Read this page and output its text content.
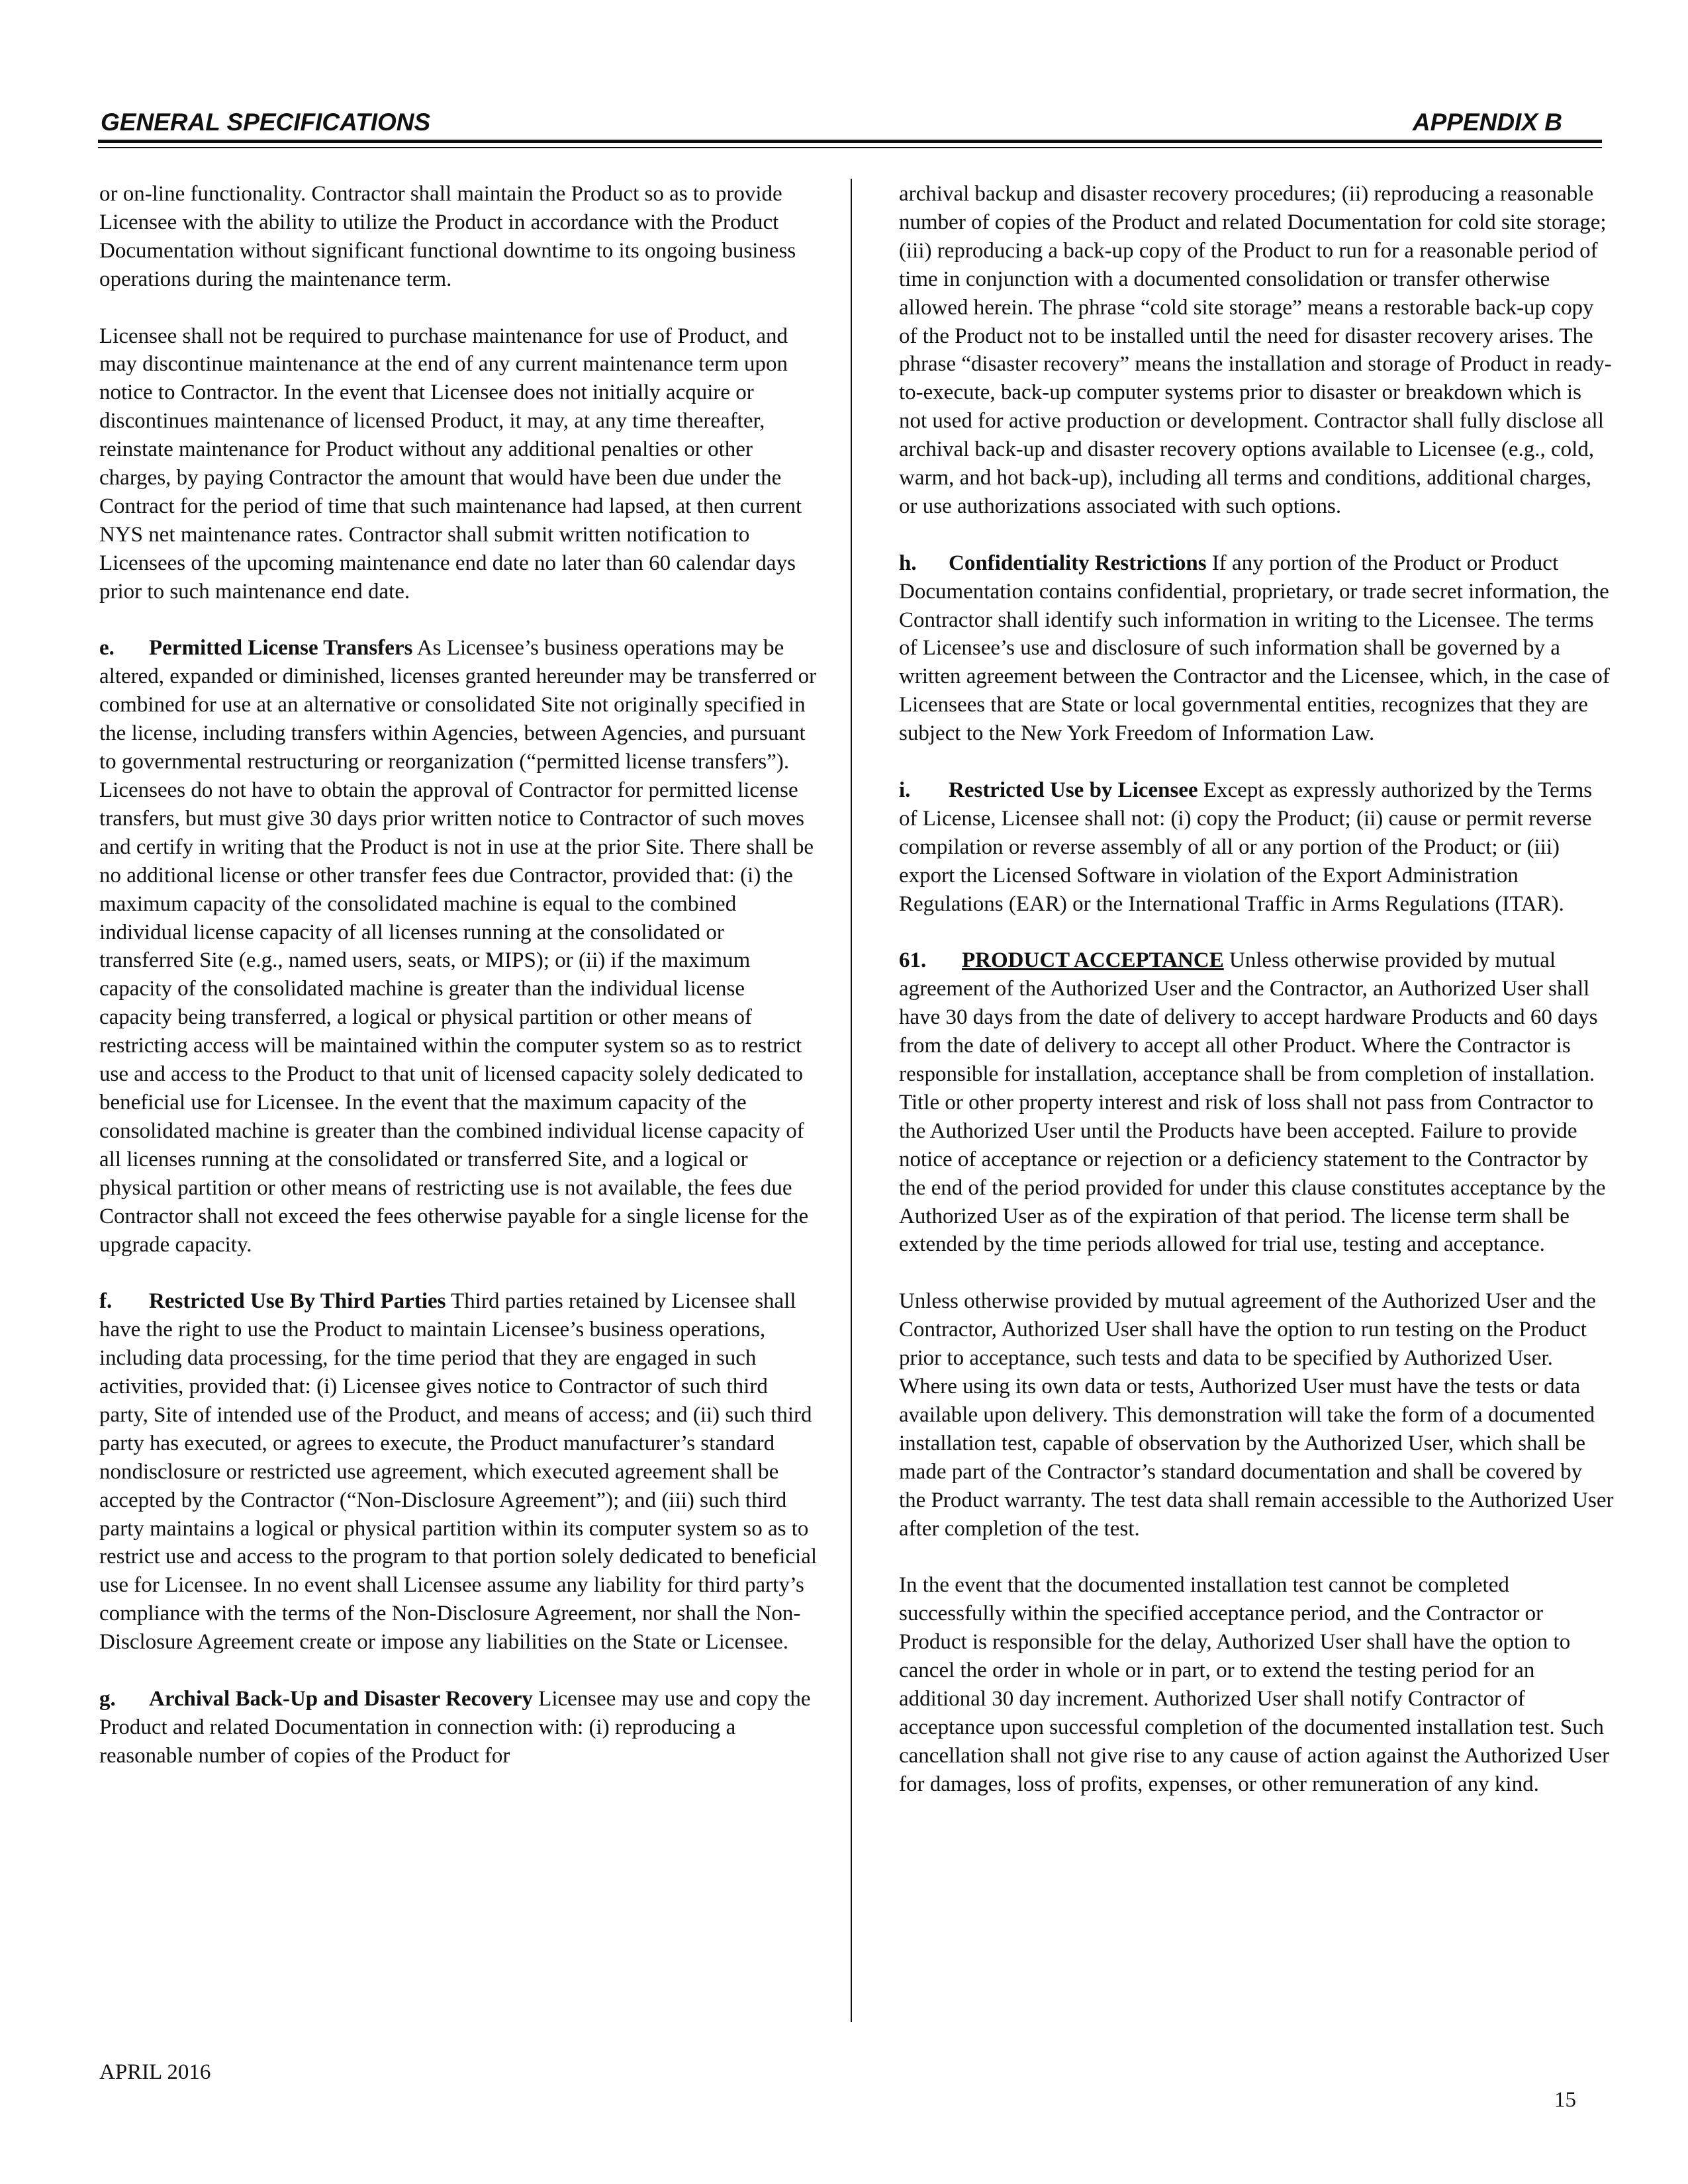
GENERAL SPECIFICATIONS	APPENDIX B

or on-line functionality. Contractor shall maintain the Product so as to provide Licensee with the ability to utilize the Product in accordance with the Product Documentation without significant functional downtime to its ongoing business operations during the maintenance term.

Licensee shall not be required to purchase maintenance for use of Product, and may discontinue maintenance at the end of any current maintenance term upon notice to Contractor. In the event that Licensee does not initially acquire or discontinues maintenance of licensed Product, it may, at any time thereafter, reinstate maintenance for Product without any additional penalties or other charges, by paying Contractor the amount that would have been due under the Contract for the period of time that such maintenance had lapsed, at then current NYS net maintenance rates. Contractor shall submit written notification to Licensees of the upcoming maintenance end date no later than 60 calendar days prior to such maintenance end date.

e. Permitted License Transfers As Licensee’s business operations may be altered, expanded or diminished, licenses granted hereunder may be transferred or combined for use at an alternative or consolidated Site not originally specified in the license, including transfers within Agencies, between Agencies, and pursuant to governmental restructuring or reorganization (“permitted license transfers”). Licensees do not have to obtain the approval of Contractor for permitted license transfers, but must give 30 days prior written notice to Contractor of such moves and certify in writing that the Product is not in use at the prior Site. There shall be no additional license or other transfer fees due Contractor, provided that: (i) the maximum capacity of the consolidated machine is equal to the combined individual license capacity of all licenses running at the consolidated or transferred Site (e.g., named users, seats, or MIPS); or (ii) if the maximum capacity of the consolidated machine is greater than the individual license capacity being transferred, a logical or physical partition or other means of restricting access will be maintained within the computer system so as to restrict use and access to the Product to that unit of licensed capacity solely dedicated to beneficial use for Licensee. In the event that the maximum capacity of the consolidated machine is greater than the combined individual license capacity of all licenses running at the consolidated or transferred Site, and a logical or physical partition or other means of restricting use is not available, the fees due Contractor shall not exceed the fees otherwise payable for a single license for the upgrade capacity.

f. Restricted Use By Third Parties Third parties retained by Licensee shall have the right to use the Product to maintain Licensee’s business operations, including data processing, for the time period that they are engaged in such activities, provided that: (i) Licensee gives notice to Contractor of such third party, Site of intended use of the Product, and means of access; and (ii) such third party has executed, or agrees to execute, the Product manufacturer’s standard nondisclosure or restricted use agreement, which executed agreement shall be accepted by the Contractor (“Non-Disclosure Agreement”); and (iii) such third party maintains a logical or physical partition within its computer system so as to restrict use and access to the program to that portion solely dedicated to beneficial use for Licensee. In no event shall Licensee assume any liability for third party’s compliance with the terms of the Non-Disclosure Agreement, nor shall the Non-Disclosure Agreement create or impose any liabilities on the State or Licensee.

g. Archival Back-Up and Disaster Recovery Licensee may use and copy the Product and related Documentation in connection with: (i) reproducing a reasonable number of copies of the Product for

archival backup and disaster recovery procedures; (ii) reproducing a reasonable number of copies of the Product and related Documentation for cold site storage; (iii) reproducing a back-up copy of the Product to run for a reasonable period of time in conjunction with a documented consolidation or transfer otherwise allowed herein. The phrase “cold site storage” means a restorable back-up copy of the Product not to be installed until the need for disaster recovery arises. The phrase “disaster recovery” means the installation and storage of Product in ready-to-execute, back-up computer systems prior to disaster or breakdown which is not used for active production or development. Contractor shall fully disclose all archival back-up and disaster recovery options available to Licensee (e.g., cold, warm, and hot back-up), including all terms and conditions, additional charges, or use authorizations associated with such options.

h. Confidentiality Restrictions If any portion of the Product or Product Documentation contains confidential, proprietary, or trade secret information, the Contractor shall identify such information in writing to the Licensee. The terms of Licensee’s use and disclosure of such information shall be governed by a written agreement between the Contractor and the Licensee, which, in the case of Licensees that are State or local governmental entities, recognizes that they are subject to the New York Freedom of Information Law.

i. Restricted Use by Licensee Except as expressly authorized by the Terms of License, Licensee shall not: (i) copy the Product; (ii) cause or permit reverse compilation or reverse assembly of all or any portion of the Product; or (iii) export the Licensed Software in violation of the Export Administration Regulations (EAR) or the International Traffic in Arms Regulations (ITAR).

61. PRODUCT ACCEPTANCE Unless otherwise provided by mutual agreement of the Authorized User and the Contractor, an Authorized User shall have 30 days from the date of delivery to accept hardware Products and 60 days from the date of delivery to accept all other Product. Where the Contractor is responsible for installation, acceptance shall be from completion of installation. Title or other property interest and risk of loss shall not pass from Contractor to the Authorized User until the Products have been accepted. Failure to provide notice of acceptance or rejection or a deficiency statement to the Contractor by the end of the period provided for under this clause constitutes acceptance by the Authorized User as of the expiration of that period. The license term shall be extended by the time periods allowed for trial use, testing and acceptance.

Unless otherwise provided by mutual agreement of the Authorized User and the Contractor, Authorized User shall have the option to run testing on the Product prior to acceptance, such tests and data to be specified by Authorized User. Where using its own data or tests, Authorized User must have the tests or data available upon delivery. This demonstration will take the form of a documented installation test, capable of observation by the Authorized User, which shall be made part of the Contractor’s standard documentation and shall be covered by the Product warranty. The test data shall remain accessible to the Authorized User after completion of the test.

In the event that the documented installation test cannot be completed successfully within the specified acceptance period, and the Contractor or Product is responsible for the delay, Authorized User shall have the option to cancel the order in whole or in part, or to extend the testing period for an additional 30 day increment. Authorized User shall notify Contractor of acceptance upon successful completion of the documented installation test. Such cancellation shall not give rise to any cause of action against the Authorized User for damages, loss of profits, expenses, or other remuneration of any kind.

APRIL 2016
15
